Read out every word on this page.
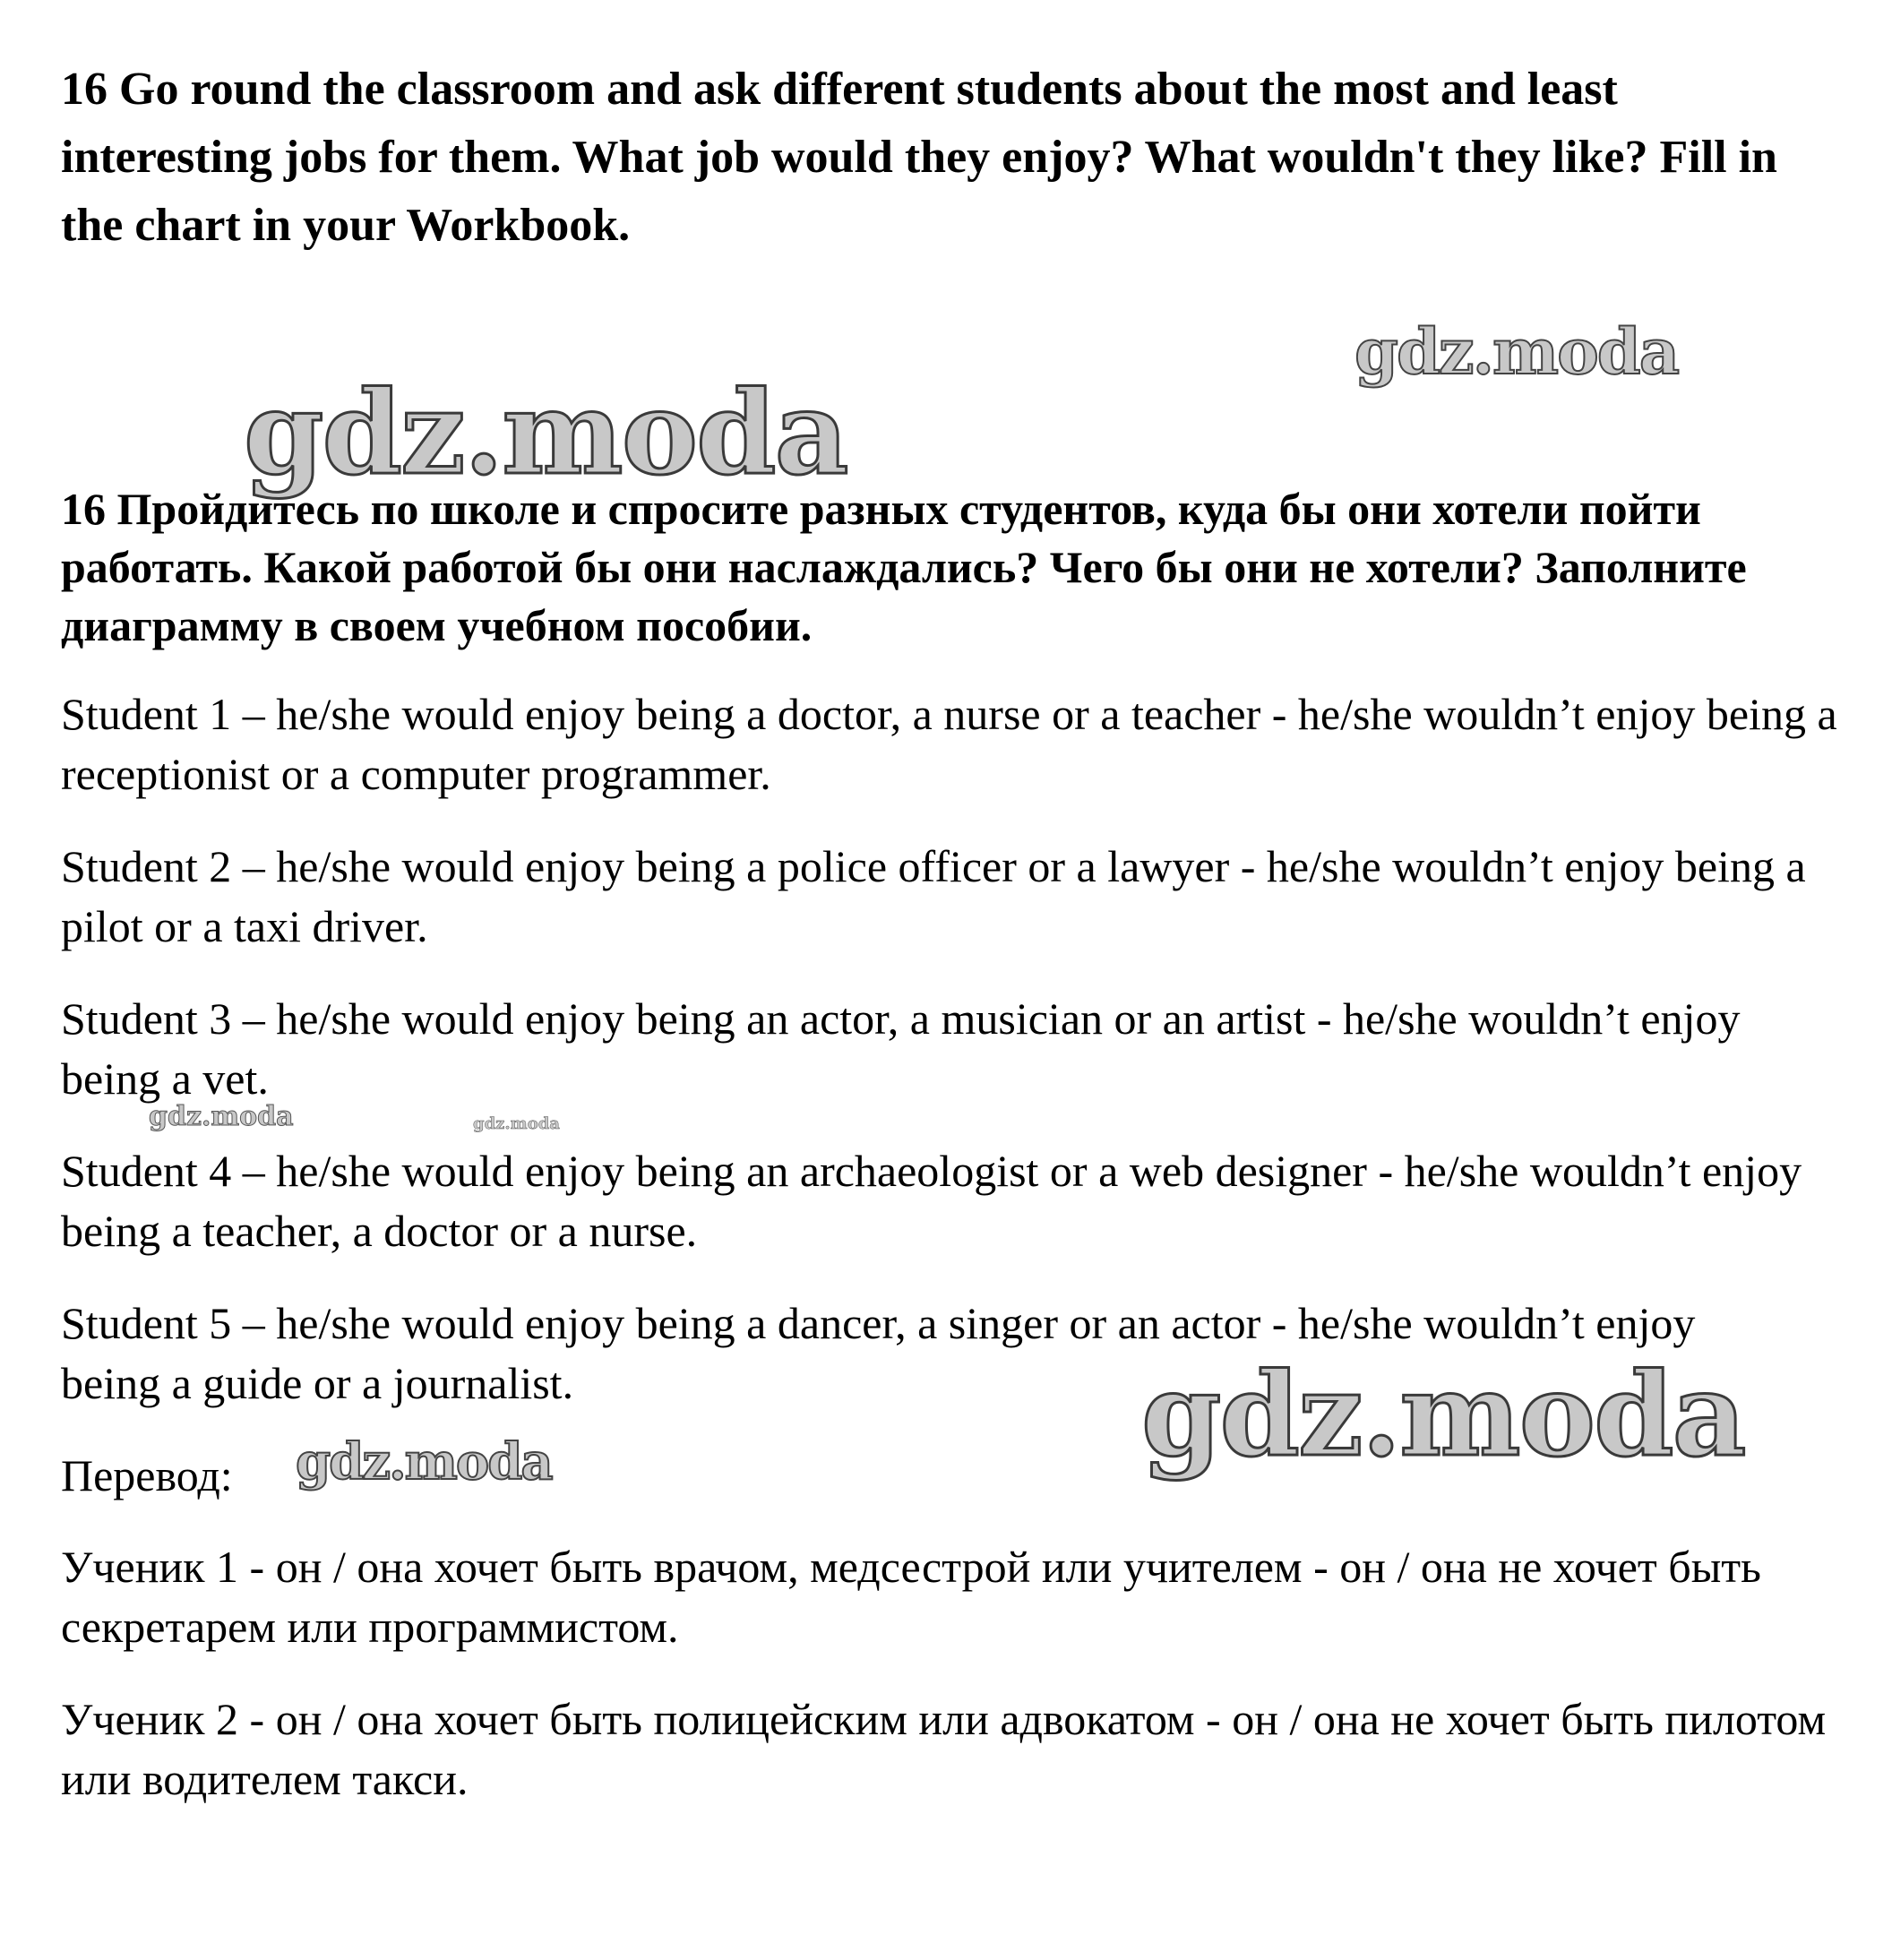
16 Go round the classroom and ask different students about the most and least interesting jobs for them. What job would they enjoy? What wouldn't they like? Fill in the chart in your Workbook.

16 Пройдитесь по школе и спросите разных студентов, куда бы они хотели пойти работать. Какой работой бы они наслаждались? Чего бы они не хотели? Заполните диаграмму в своем учебном пособии.

Student 1 – he/she would enjoy being a doctor, a nurse or a teacher - he/she wouldn’t enjoy being a receptionist or a computer programmer.

Student 2 – he/she would enjoy being a police officer or a lawyer - he/she wouldn’t enjoy being a pilot or a taxi driver.

Student 3 – he/she would enjoy being an actor, a musician or an artist - he/she wouldn’t enjoy being a vet.

Student 4 – he/she would enjoy being an archaeologist or a web designer - he/she wouldn’t enjoy being a teacher, a doctor or a nurse.

Student 5 – he/she would enjoy being a dancer, a singer or an actor - he/she wouldn’t enjoy being a guide or a journalist.

Перевод:

Ученик 1 - он / она хочет быть врачом, медсестрой или учителем - он / она не хочет быть секретарем или программистом.

Ученик 2 - он / она хочет быть полицейским или адвокатом - он / она не хочет быть пилотом или водителем такси.

gdz.moda
gdz.moda
gdz.moda	gdz.moda
gdz.moda
gdz.moda
